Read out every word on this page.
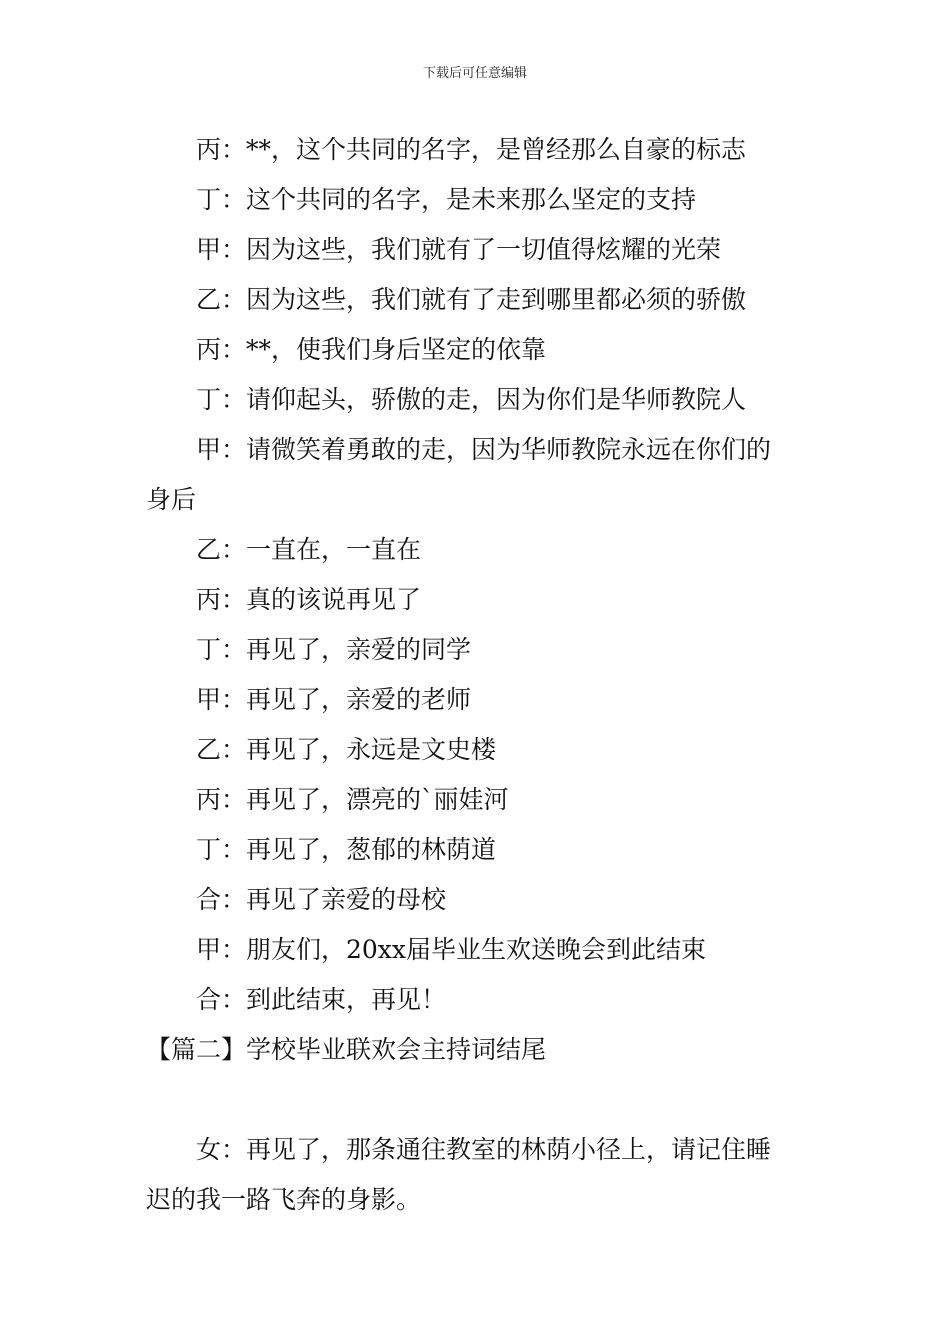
下载后可任意编辑

丙：**，这个共同的名字，是曾经那么自豪的标志

丁：这个共同的名字，是未来那么坚定的支持

甲：因为这些，我们就有了一切值得炫耀的光荣

乙：因为这些，我们就有了走到哪里都必须的骄傲

丙：**，使我们身后坚定的依靠

丁：请仰起头，骄傲的走，因为你们是华师教院人

甲：请微笑着勇敢的走，因为华师教院永远在你们的

身后

乙：一直在，一直在

丙：真的该说再见了

丁：再见了，亲爱的同学

甲：再见了，亲爱的老师

乙：再见了，永远是文史楼

丙：再见了，漂亮的`丽娃河

丁：再见了，葱郁的林荫道

合：再见了亲爱的母校

甲：朋友们，20xx届毕业生欢送晚会到此结束

合：到此结束，再见！

【篇二】学校毕业联欢会主持词结尾

女：再见了，那条通往教室的林荫小径上，请记住睡

迟的我一路飞奔的身影。
